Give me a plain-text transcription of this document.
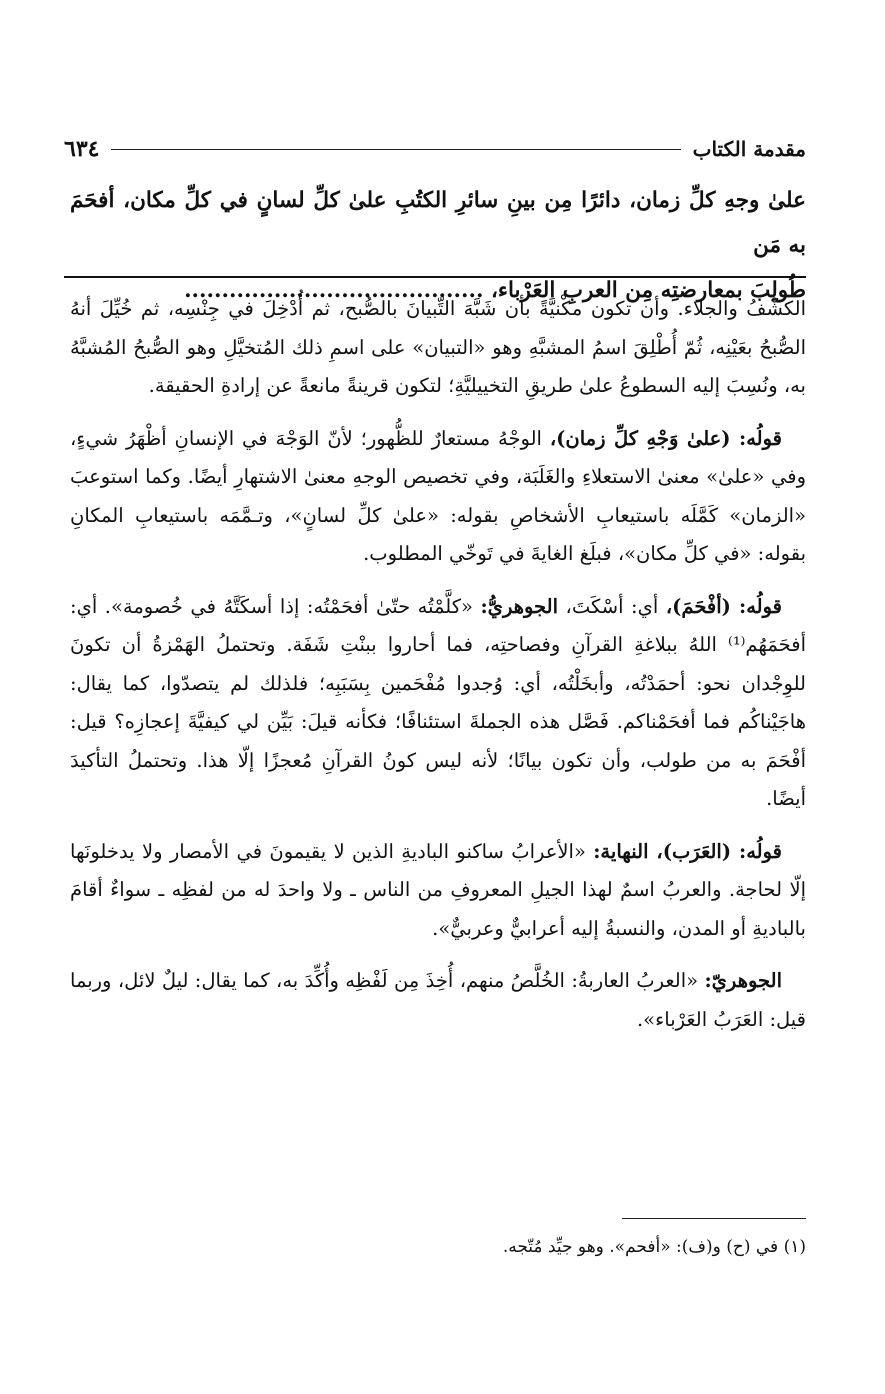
مقدمة الكتاب
٦٣٤
علىٰ وجهِ كلِّ زمان، دائرًا مِن بينِ سائرِ الكتُبِ علىٰ كلِّ لسانٍ في كلِّ مكان، أفحَمَ به مَن
طُولِبَ بمعارضتِه مِن العربِ العَرْباء، ........................................

الكشْفُ والجلاء. وأن تكون مكْنيَّةً بأن شَبَّهَ التِّبيانَ بالصُّبح، ثم أُدْخِلَ في جِنْسِه، ثم خُيِّلَ أنهُ الصُّبحُ بعَيْنِه، ثُمّ أُطْلِقَ اسمُ المشبَّهِ وهو «التبيان» على اسمِ ذلك المُتخيَّلِ وهو الصُّبحُ المُشبَّهُ به، ونُسِبَ إليه السطوعُ علىٰ طريقِ التخييليَّةِ؛ لتكون قرينةً مانعةً عن إرادةِ الحقيقة.

قولُه: (علىٰ وَجْهِ كلِّ زمان)، الوجْهُ مستعارٌ للظُّهور؛ لأنّ الوَجْهَ في الإنسانِ أظْهَرُ شيءٍ، وفي «علىٰ» معنىٰ الاستعلاءِ والغَلَبَة، وفي تخصيص الوجهِ معنىٰ الاشتهارِ أيضًا. وكما استوعبَ «الزمان» كَمَّلَه باستيعابِ الأشخاصِ بقوله: «علىٰ كلِّ لسانٍ»، وتـمَّمَه باستيعابِ المكانِ بقوله: «في كلِّ مكان»، فبلَغ الغايةَ في تَوخّي المطلوب.

قولُه: (أفْحَمَ)، أي: أسْكَتَ، الجوهريُّ: «كلَّمْتُه حتّىٰ أفحَمْتُه: إذا أسكَتَّهُ في خُصومة». أي: أفحَمَهُم⁽¹⁾ اللهُ ببلاغةِ القرآنِ وفصاحتِه، فما أحاروا ببنْتِ شَفَة. وتحتملُ الهَمْزةُ أن تكونَ للوِجْدان نحو: أحمَدْتُه، وأبخَلْتُه، أي: وُجدوا مُفْحَمين بِسَبَبِه؛ فلذلك لم يتصدّوا، كما يقال: هاجَيْناكُم فما أفحَمْناكم. فَصَّل هذه الجملةَ استئنافًا؛ فكأنه قيلَ: بَيِّن لي كيفيَّةَ إعجازِه؟ قيل: أفْحَمَ به من طولب، وأن تكون بيانًا؛ لأنه ليس كونُ القرآنِ مُعجزًا إلّا هذا. وتحتملُ التأكيدَ أيضًا.

قولُه: (العَرَب)، النهاية: «الأعرابُ ساكنو الباديةِ الذين لا يقيمونَ في الأمصار ولا يدخلونَها إلّا لحاجة. والعربُ اسمٌ لهذا الجيلِ المعروفِ من الناس ـ ولا واحدَ له من لفظِه ـ سواءٌ أقامَ بالباديةِ أو المدن، والنسبةُ إليه أعرابيٌّ وعربيٌّ».

الجوهريّ: «العربُ العاربةُ: الخُلَّصُ منهم، أُخِذَ مِن لَفْظِه وأُكِّدَ به، كما يقال: ليلٌ لائل، وربما قيل: العَرَبُ العَرْباء».

(١) في (ح) و(ف): «أفحم». وهو جيِّد مُتّجه.
